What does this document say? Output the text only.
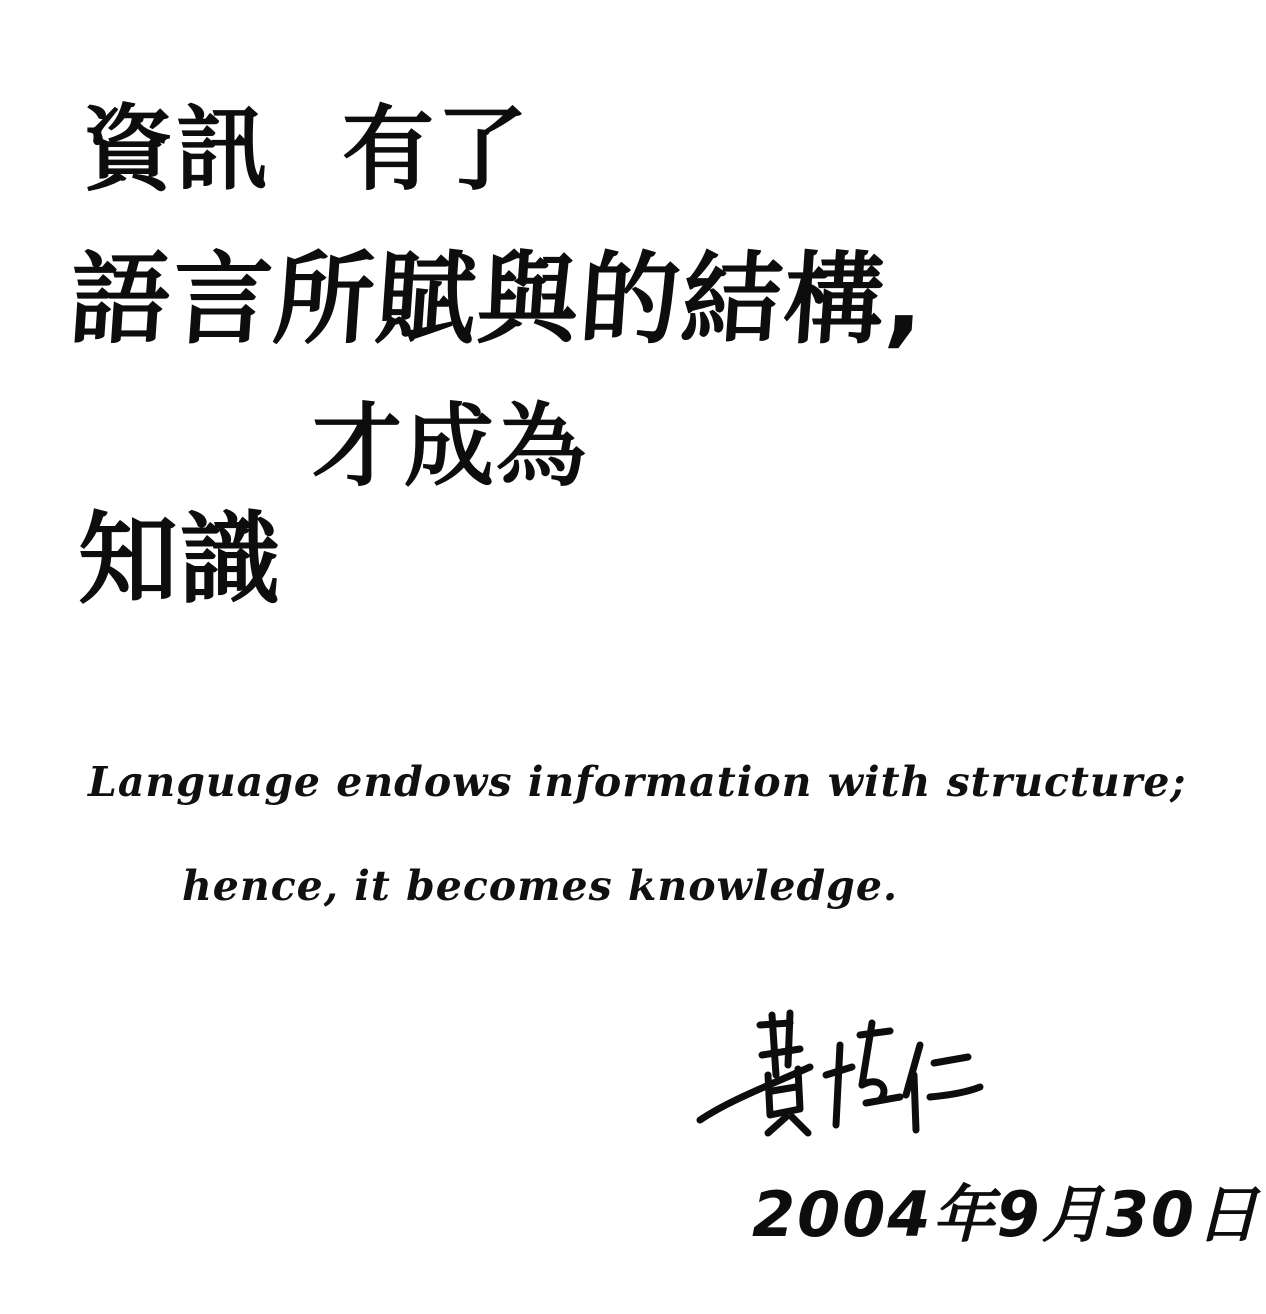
資訊 有了
語言所賦與的結構,
才成為
知識
Language endows information with structure;
hence, it becomes knowledge.
2004年9月30日
